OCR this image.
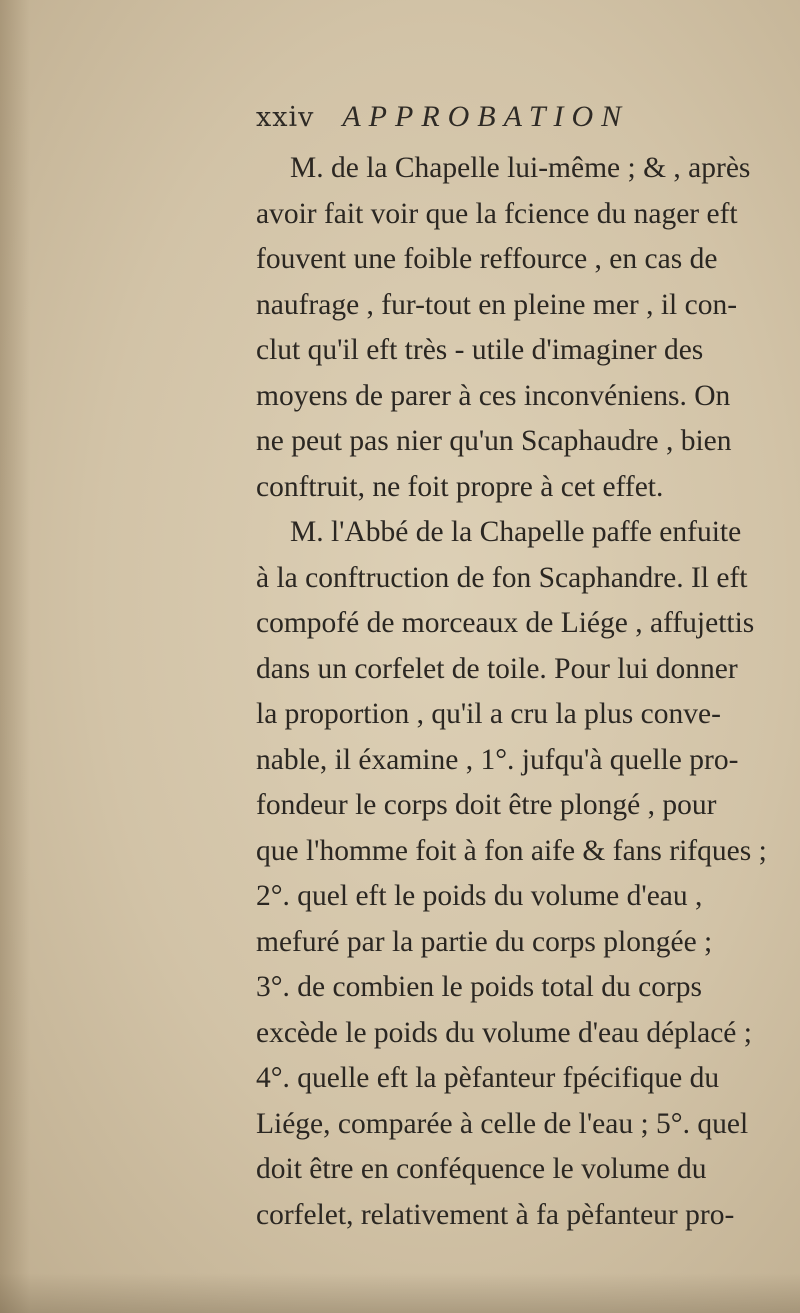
xxiv APPROBATION
M. de la Chapelle lui-même ; & , après
avoir fait voir que la fcience du nager eft
fouvent une foible reffource , en cas de
naufrage , fur-tout en pleine mer , il con-
clut qu'il eft très - utile d'imaginer des
moyens de parer à ces inconvéniens. On
ne peut pas nier qu'un Scaphaudre , bien
conftruit, ne foit propre à cet effet.
M. l'Abbé de la Chapelle paffe enfuite
à la conftruction de fon Scaphandre. Il eft
compofé de morceaux de Liége , affujettis
dans un corfelet de toile. Pour lui donner
la proportion , qu'il a cru la plus conve-
nable, il éxamine , 1°. jufqu'à quelle pro-
fondeur le corps doit être plongé , pour
que l'homme foit à fon aife & fans rifques ;
2°. quel eft le poids du volume d'eau ,
mefuré par la partie du corps plongée ;
3°. de combien le poids total du corps
excède le poids du volume d'eau déplacé ;
4°. quelle eft la pèfanteur fpécifique du
Liége, comparée à celle de l'eau ; 5°. quel
doit être en conféquence le volume du
corfelet, relativement à fa pèfanteur pro-
